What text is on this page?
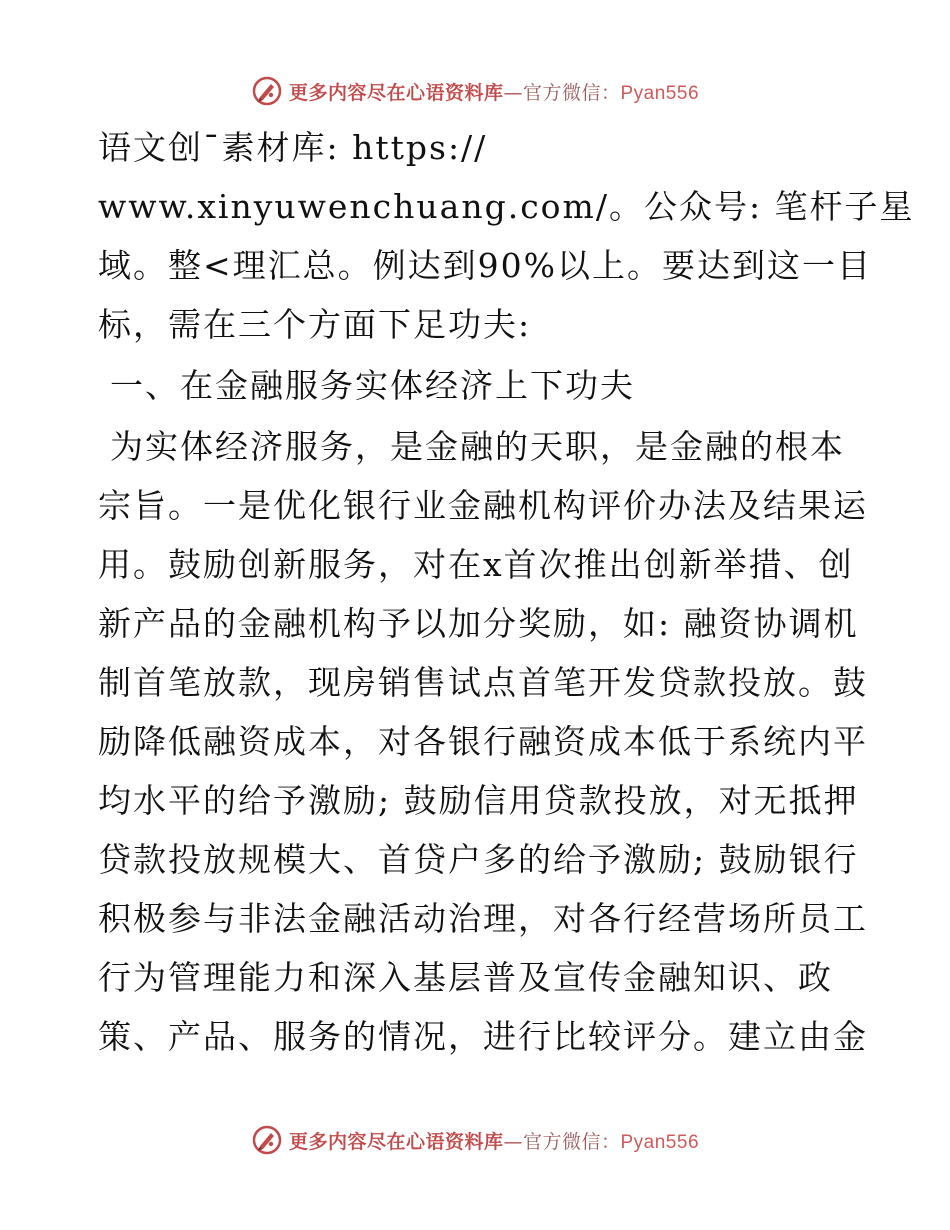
更多内容尽在心语资料库—官方微信：Pyan556
语文创¯素材库: https://
www.xinyuwenchuang.com/。公众号: 笔杆子星
域。整<理汇总。例达到90%以上。要达到这一目
标，需在三个方面下足功夫:
一、在金融服务实体经济上下功夫
为实体经济服务，是金融的天职，是金融的根本
宗旨。一是优化银行业金融机构评价办法及结果运
用。鼓励创新服务，对在x首次推出创新举措、创
新产品的金融机构予以加分奖励，如: 融资协调机
制首笔放款，现房销售试点首笔开发贷款投放。鼓
励降低融资成本，对各银行融资成本低于系统内平
均水平的给予激励; 鼓励信用贷款投放，对无抵押
贷款投放规模大、首贷户多的给予激励; 鼓励银行
积极参与非法金融活动治理，对各行经营场所员工
行为管理能力和深入基层普及宣传金融知识、政
策、产品、服务的情况，进行比较评分。建立由金
更多内容尽在心语资料库—官方微信：Pyan556
